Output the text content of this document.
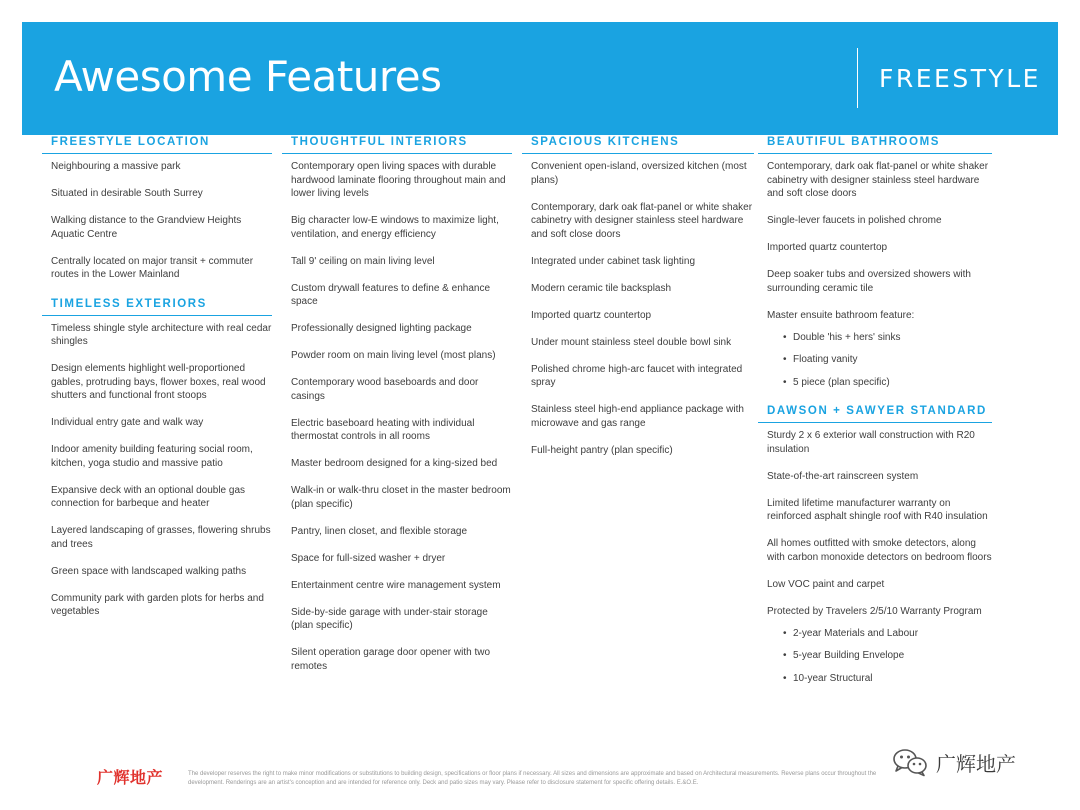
Awesome Features	FREESTYLE
FREESTYLE LOCATION
Neighbouring a massive park
Situated in desirable South Surrey
Walking distance to the Grandview Heights Aquatic Centre
Centrally located on major transit + commuter routes in the Lower Mainland
TIMELESS EXTERIORS
Timeless shingle style architecture with real cedar shingles
Design elements highlight well-proportioned gables, protruding bays, flower boxes, real wood shutters and functional front stoops
Individual entry gate and walk way
Indoor amenity building featuring social room, kitchen, yoga studio and massive patio
Expansive deck with an optional double gas connection for barbeque and heater
Layered landscaping of grasses, flowering shrubs and trees
Green space with landscaped walking paths
Community park with garden plots for herbs and vegetables
THOUGHTFUL INTERIORS
Contemporary open living spaces with durable hardwood laminate flooring throughout main and lower living levels
Big character low-E windows to maximize light, ventilation, and energy efficiency
Tall 9' ceiling on main living level
Custom drywall features to define & enhance space
Professionally designed lighting package
Powder room on main living level (most plans)
Contemporary wood baseboards and door casings
Electric baseboard heating with individual thermostat controls in all rooms
Master bedroom designed for a king-sized bed
Walk-in or walk-thru closet in the master bedroom (plan specific)
Pantry, linen closet, and flexible storage
Space for full-sized washer + dryer
Entertainment centre wire management system
Side-by-side garage with under-stair storage (plan specific)
Silent operation garage door opener with two remotes
SPACIOUS KITCHENS
Convenient open-island, oversized kitchen (most plans)
Contemporary, dark oak flat-panel or white shaker cabinetry with designer stainless steel hardware and soft close doors
Integrated under cabinet task lighting
Modern ceramic tile backsplash
Imported quartz countertop
Under mount stainless steel double bowl sink
Polished chrome high-arc faucet with integrated spray
Stainless steel high-end appliance package with microwave and gas range
Full-height pantry (plan specific)
BEAUTIFUL BATHROOMS
Contemporary, dark oak flat-panel or white shaker cabinetry with designer stainless steel hardware and soft close doors
Single-lever faucets in polished chrome
Imported quartz countertop
Deep soaker tubs and oversized showers with surrounding ceramic tile
Master ensuite bathroom feature:
• Double 'his + hers' sinks
• Floating vanity
• 5 piece (plan specific)
DAWSON + SAWYER STANDARD
Sturdy 2 x 6 exterior wall construction with R20 insulation
State-of-the-art rainscreen system
Limited lifetime manufacturer warranty on reinforced asphalt shingle roof with R40 insulation
All homes outfitted with smoke detectors, along with carbon monoxide detectors on bedroom floors
Low VOC paint and carpet
Protected by Travelers 2/5/10 Warranty Program
• 2-year Materials and Labour
• 5-year Building Envelope
• 10-year Structural
广辉地产	The developer reserves the right to make minor modifications or substitutions to building design, specifications or floor plans if necessary. All sizes and dimensions are approximate and based on Architectural measurements. Reverse plans occur throughout the development. Renderings are an artist's conception and are intended for reference only. Deck and patio sizes may vary. Please refer to disclosure statement for specific offering details. E.&O.E.
广辉地产
